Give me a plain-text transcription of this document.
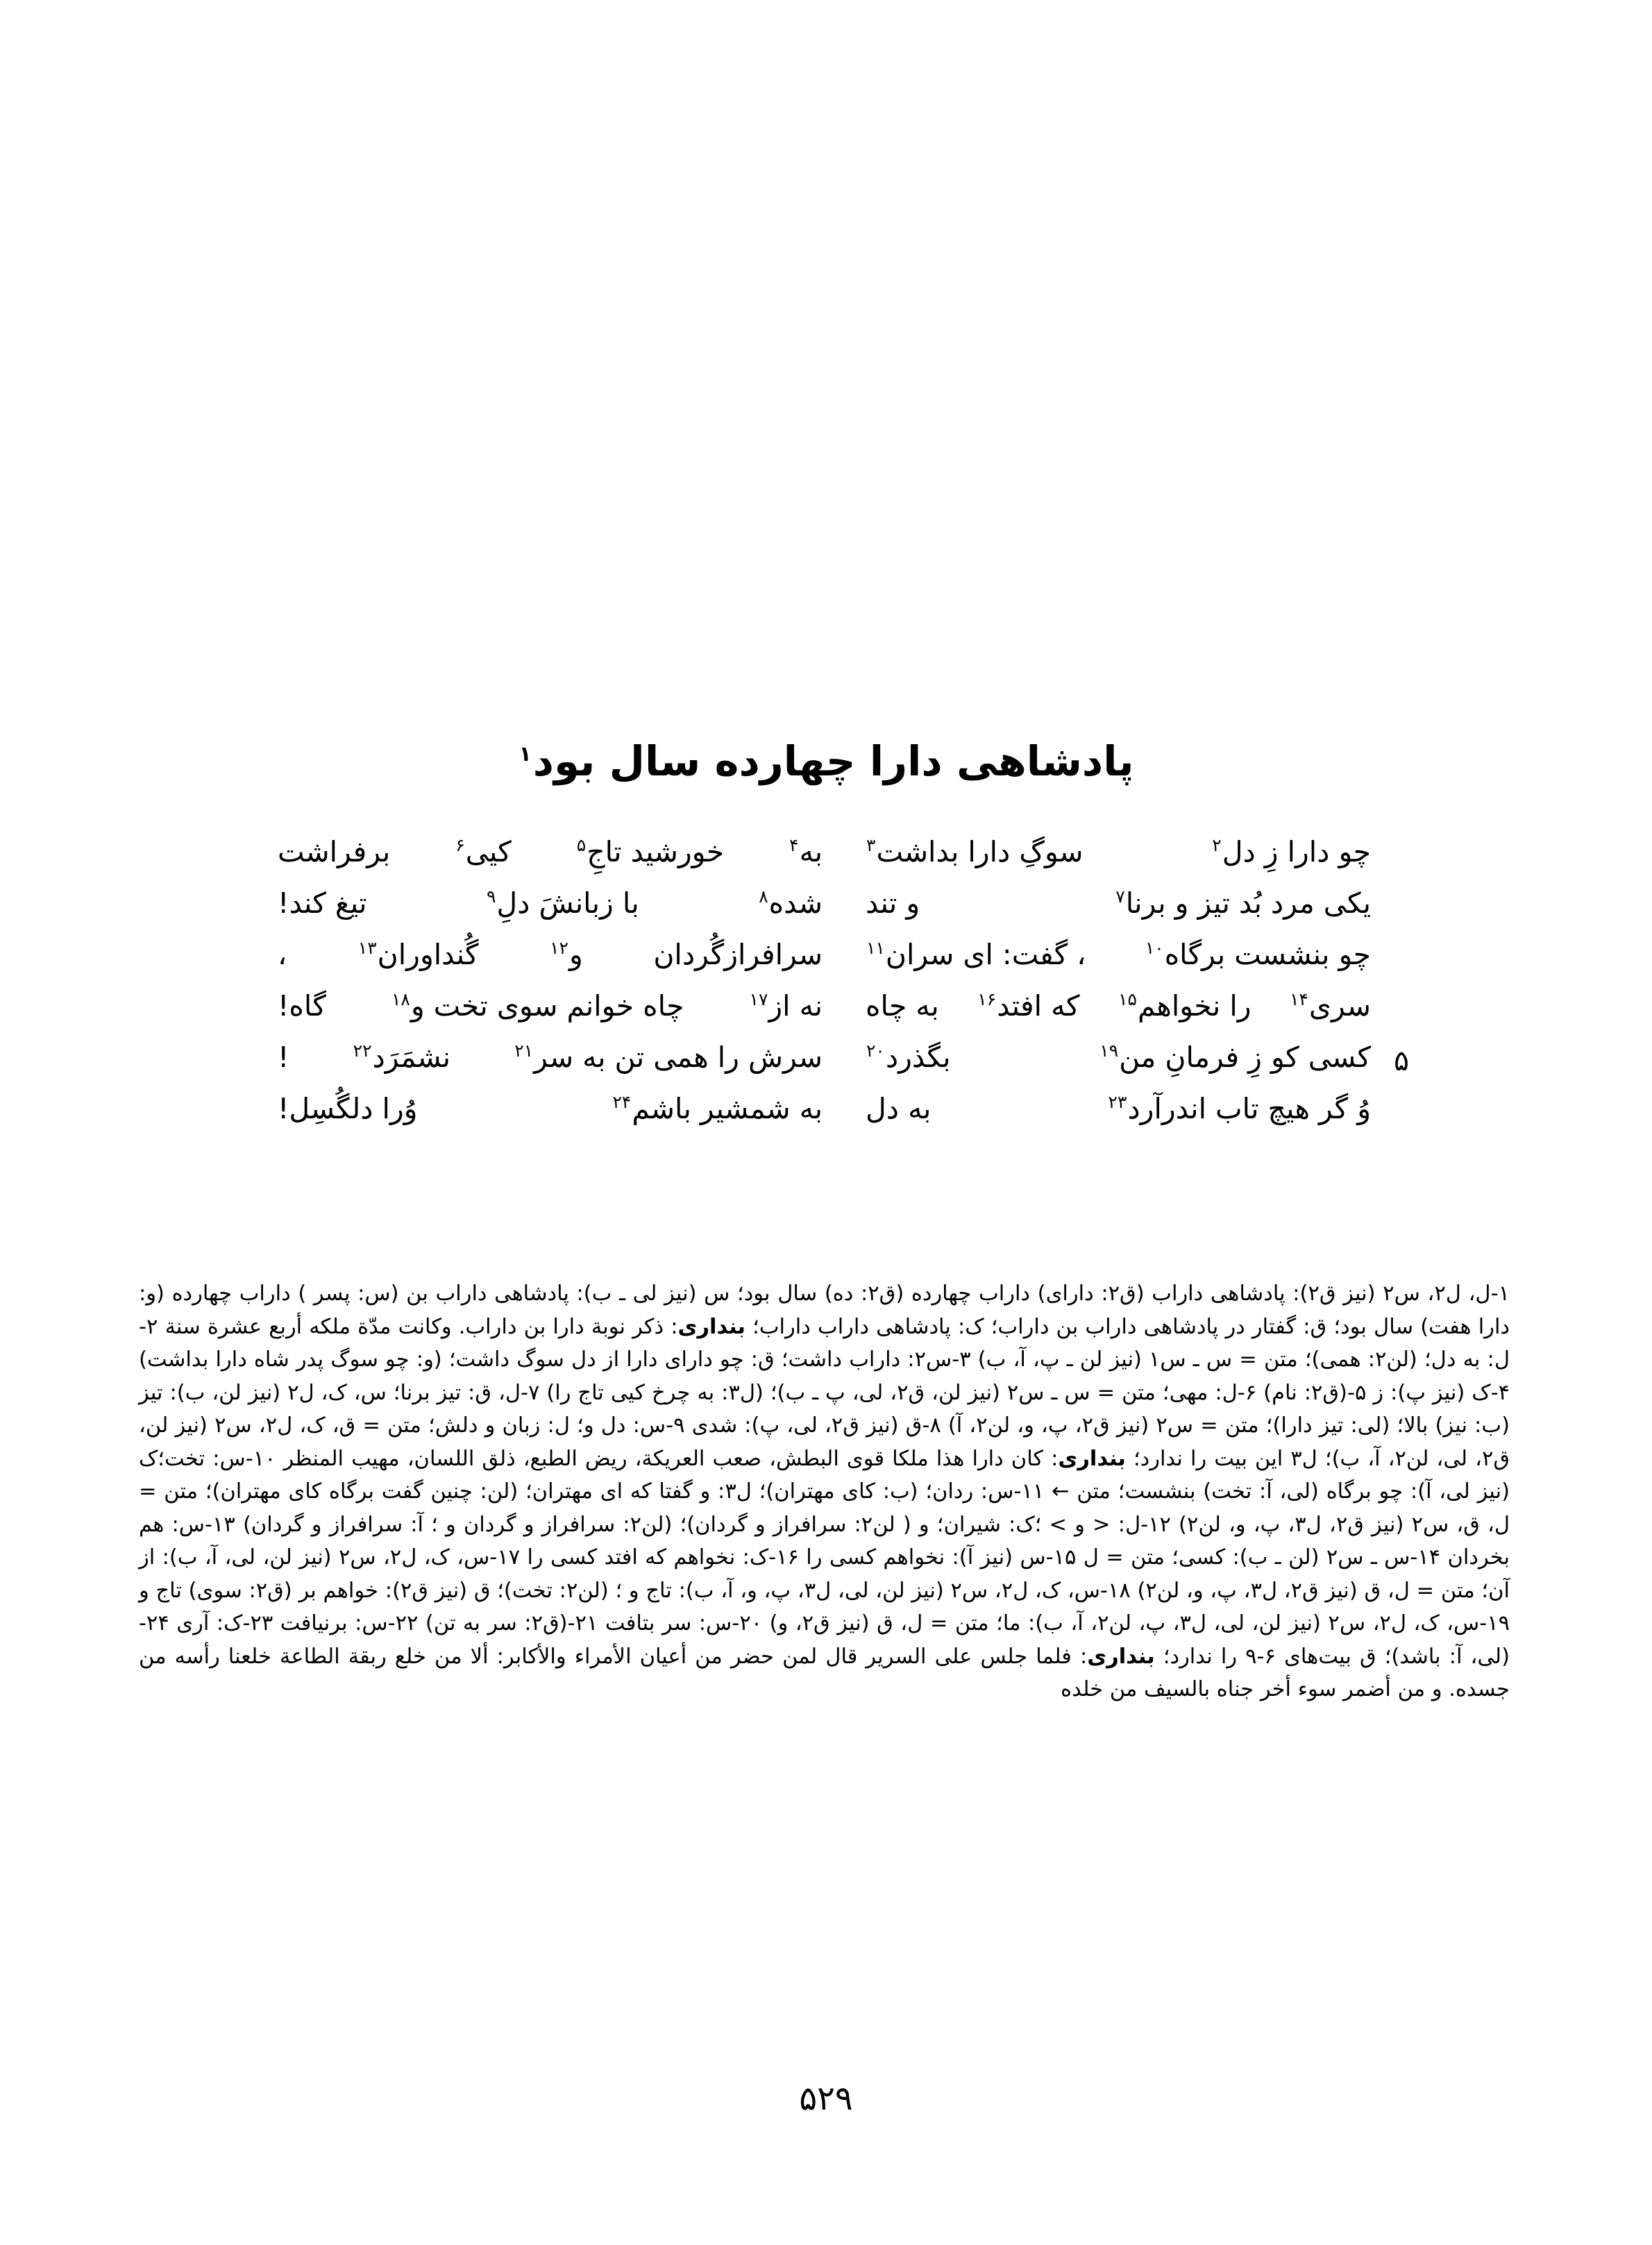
پادشاهی دارا چهارده سال بود$^۱$
چو دارا زِ دل$^۲$
سوگِ دارا بداشت$^۳$
به$^۴$
خورشید تاجِ$^۵$
کیی$^۶$
برفراشت
یکی مرد بُد تیز و برنا$^۷$
و تند
شده$^۸$
با زبانشَ دلِ$^۹$
تیغ کند!
چو بنشست برگاه$^{۱۰}$
، گفت: ای سران$^{۱۱}$
سرافرازگُردان
و$^{۱۲}$
گُنداوران$^{۱۳}$
،
سری$^{۱۴}$
را نخواهم$^{۱۵}$
که افتد$^{۱۶}$
به چاه
نه از$^{۱۷}$
چاه خوانم سوی تخت و$^{۱۸}$
گاه!
۵
کسی کو زِ فرمانِ من$^{۱۹}$
بگذرد$^{۲۰}$
سرش را همی تن به سر$^{۲۱}$
نشمَرَد$^{۲۲}$
!
وُ گر هیچ تاب اندرآرد$^{۲۳}$
به دل
به شمشیر باشم$^{۲۴}$
وُرا دلگُسِل!
۱-ل، ل۲، س۲ (نیز ق۲): پادشاهی داراب (ق۲: دارای) داراب چهارده (ق۲: ده) سال بود؛ س (نیز لی ـ ب): پادشاهی داراب بن (س: پسر ) داراب چهارده (و: دارا هفت) سال بود؛ ق: گفتار در پادشاهی داراب بن داراب؛ ک: پادشاهی داراب داراب؛ بنداری: ذکر نوبة دارا بن داراب. وکانت مدّة ملکه أربع عشرة سنة ۲-ل: به دل؛ (لن۲: همی)؛ متن = س ـ س۱ (نیز لن ـ پ، آ، ب) ۳-س۲: داراب داشت؛ ق: چو دارای دارا از دل سوگ داشت؛ (و: چو سوگ پدر شاه دارا بداشت) ۴-ک (نیز پ): ز ۵-(ق۲: نام) ۶-ل: مهی؛ متن = س ـ س۲ (نیز لن، ق۲، لی، پ ـ ب)؛ (ل۳: به چرخ کیی تاج را) ۷-ل، ق: تیز برنا؛ س، ک، ل۲ (نیز لن، ب): تیز (ب: نیز) بالا؛ (لی: تیز دارا)؛ متن = س۲ (نیز ق۲، پ، و، لن۲، آ) ۸-ق (نیز ق۲، لی، پ): شدی ۹-س: دل و؛ ل: زبان و دلش؛ متن = ق، ک، ل۲، س۲ (نیز لن، ق۲، لی، لن۲، آ، ب)؛ ل۳ این بیت را ندارد؛ بنداری: کان دارا هذا ملکا قوی البطش، صعب العریکة، ریض الطبع، ذلق اللسان، مهیب المنظر ۱۰-س: تخت؛ک (نیز لی، آ): چو برگاه (لی، آ: تخت) بنشست؛ متن ← ۱۱-س: ردان؛ (ب: کای مهتران)؛ ل۳: و گفتا که ای مهتران؛ (لن: چنین گفت برگاه کای مهتران)؛ متن = ل، ق، س۲ (نیز ق۲، ل۳، پ، و، لن۲) ۱۲-ل: < و > ؛ک: شیران؛ و ( لن۲: سرافراز و گردان)؛ (لن۲: سرافراز و گردان و ؛ آ: سرافراز و گردان) ۱۳-س: هم بخردان ۱۴-س ـ س۲ (لن ـ ب): کسی؛ متن = ل ۱۵-س (نیز آ): نخواهم کسی را ۱۶-ک: نخواهم که افتد کسی را ۱۷-س، ک، ل۲، س۲ (نیز لن، لی، آ، ب): از آن؛ متن = ل، ق (نیز ق۲، ل۳، پ، و، لن۲) ۱۸-س، ک، ل۲، س۲ (نیز لن، لی، ل۳، پ، و، آ، ب): تاج و ؛ (لن۲: تخت)؛ ق (نیز ق۲): خواهم بر (ق۲: سوی) تاج و ۱۹-س، ک، ل۲، س۲ (نیز لن، لی، ل۳، پ، لن۲، آ، ب): ما؛ متن = ل، ق (نیز ق۲، و) ۲۰-س: سر بتافت ۲۱-(ق۲: سر به تن) ۲۲-س: برنیافت ۲۳-ک: آری ۲۴-(لی، آ: باشد)؛ ق بیت‌های ۶-۹ را ندارد؛ بنداری: فلما جلس علی السریر قال لمن حضر من أعیان الأمراء والأکابر: ألا من خلع ربقة الطاعة خلعنا رأسه من جسده. و من أضمر سوء أخر جناه بالسیف من خلده
۵۲۹
